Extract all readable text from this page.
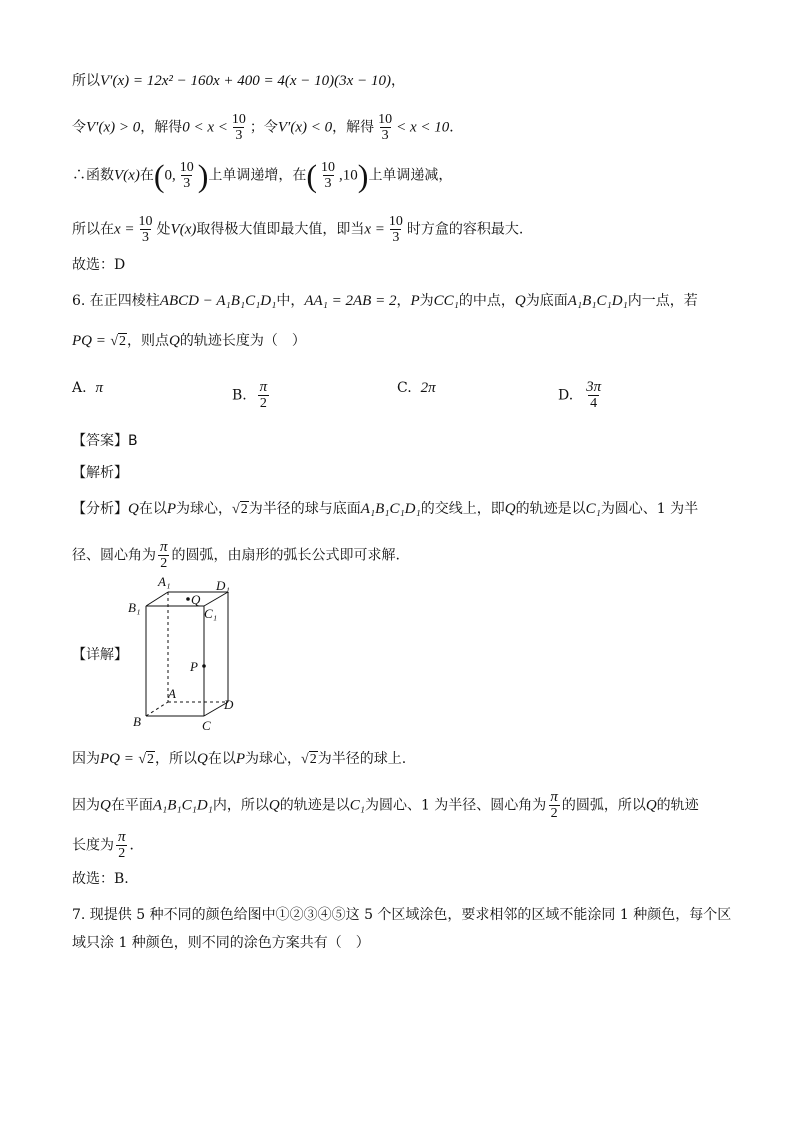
所以V′(x) = 12x² − 160x + 400 = 4(x − 10)(3x − 10)，
令V′(x) > 0，解得$0 < x < \frac{10}{3}$ ；令V′(x) < 0，解得 $\frac{10}{3} < x < 10$．
∴函数V(x)在(0, $\frac{10}{3}$ )上单调递增，在( $\frac{10}{3} ,10$)上单调递减，
所以在$x = \frac{10}{3}$ 处V(x)取得极大值即最大值，即当$x = \frac{10}{3}$ 时方盒的容积最大.
故选：D
6. 在正四棱柱ABCD − A₁B₁C₁D₁中，AA₁ = 2AB = 2，P为CC₁的中点，Q为底面A₁B₁C₁D₁内一点，若
PQ = √2，则点Q的轨迹长度为（　）
A. π	B. $\frac{\pi}{2}$	C. 2π	D. $\frac{3\pi}{4}$
【答案】B
【解析】
【分析】Q在以P为球心，√2为半径的球与底面A₁B₁C₁D₁的交线上，即Q的轨迹是以C₁为圆心、1 为半
径、圆心角为 $\frac{\pi}{2}$ 的圆弧，由扇形的弧长公式即可求解.
【详解】
A₁	D₁
B₁	C₁
Q
P
A
D
B	C
因为PQ = √2，所以Q在以P为球心，√2为半径的球上.
因为Q在平面A₁B₁C₁D₁内，所以Q的轨迹是以C₁为圆心、1 为半径、圆心角为 $\frac{\pi}{2}$ 的圆弧，所以Q的轨迹
长度为 $\frac{\pi}{2}$ ．
故选：B.
7. 现提供 5 种不同的颜色给图中①②③④⑤这 5 个区域涂色，要求相邻的区域不能涂同 1 种颜色，每个区
域只涂 1 种颜色，则不同的涂色方案共有（　）
